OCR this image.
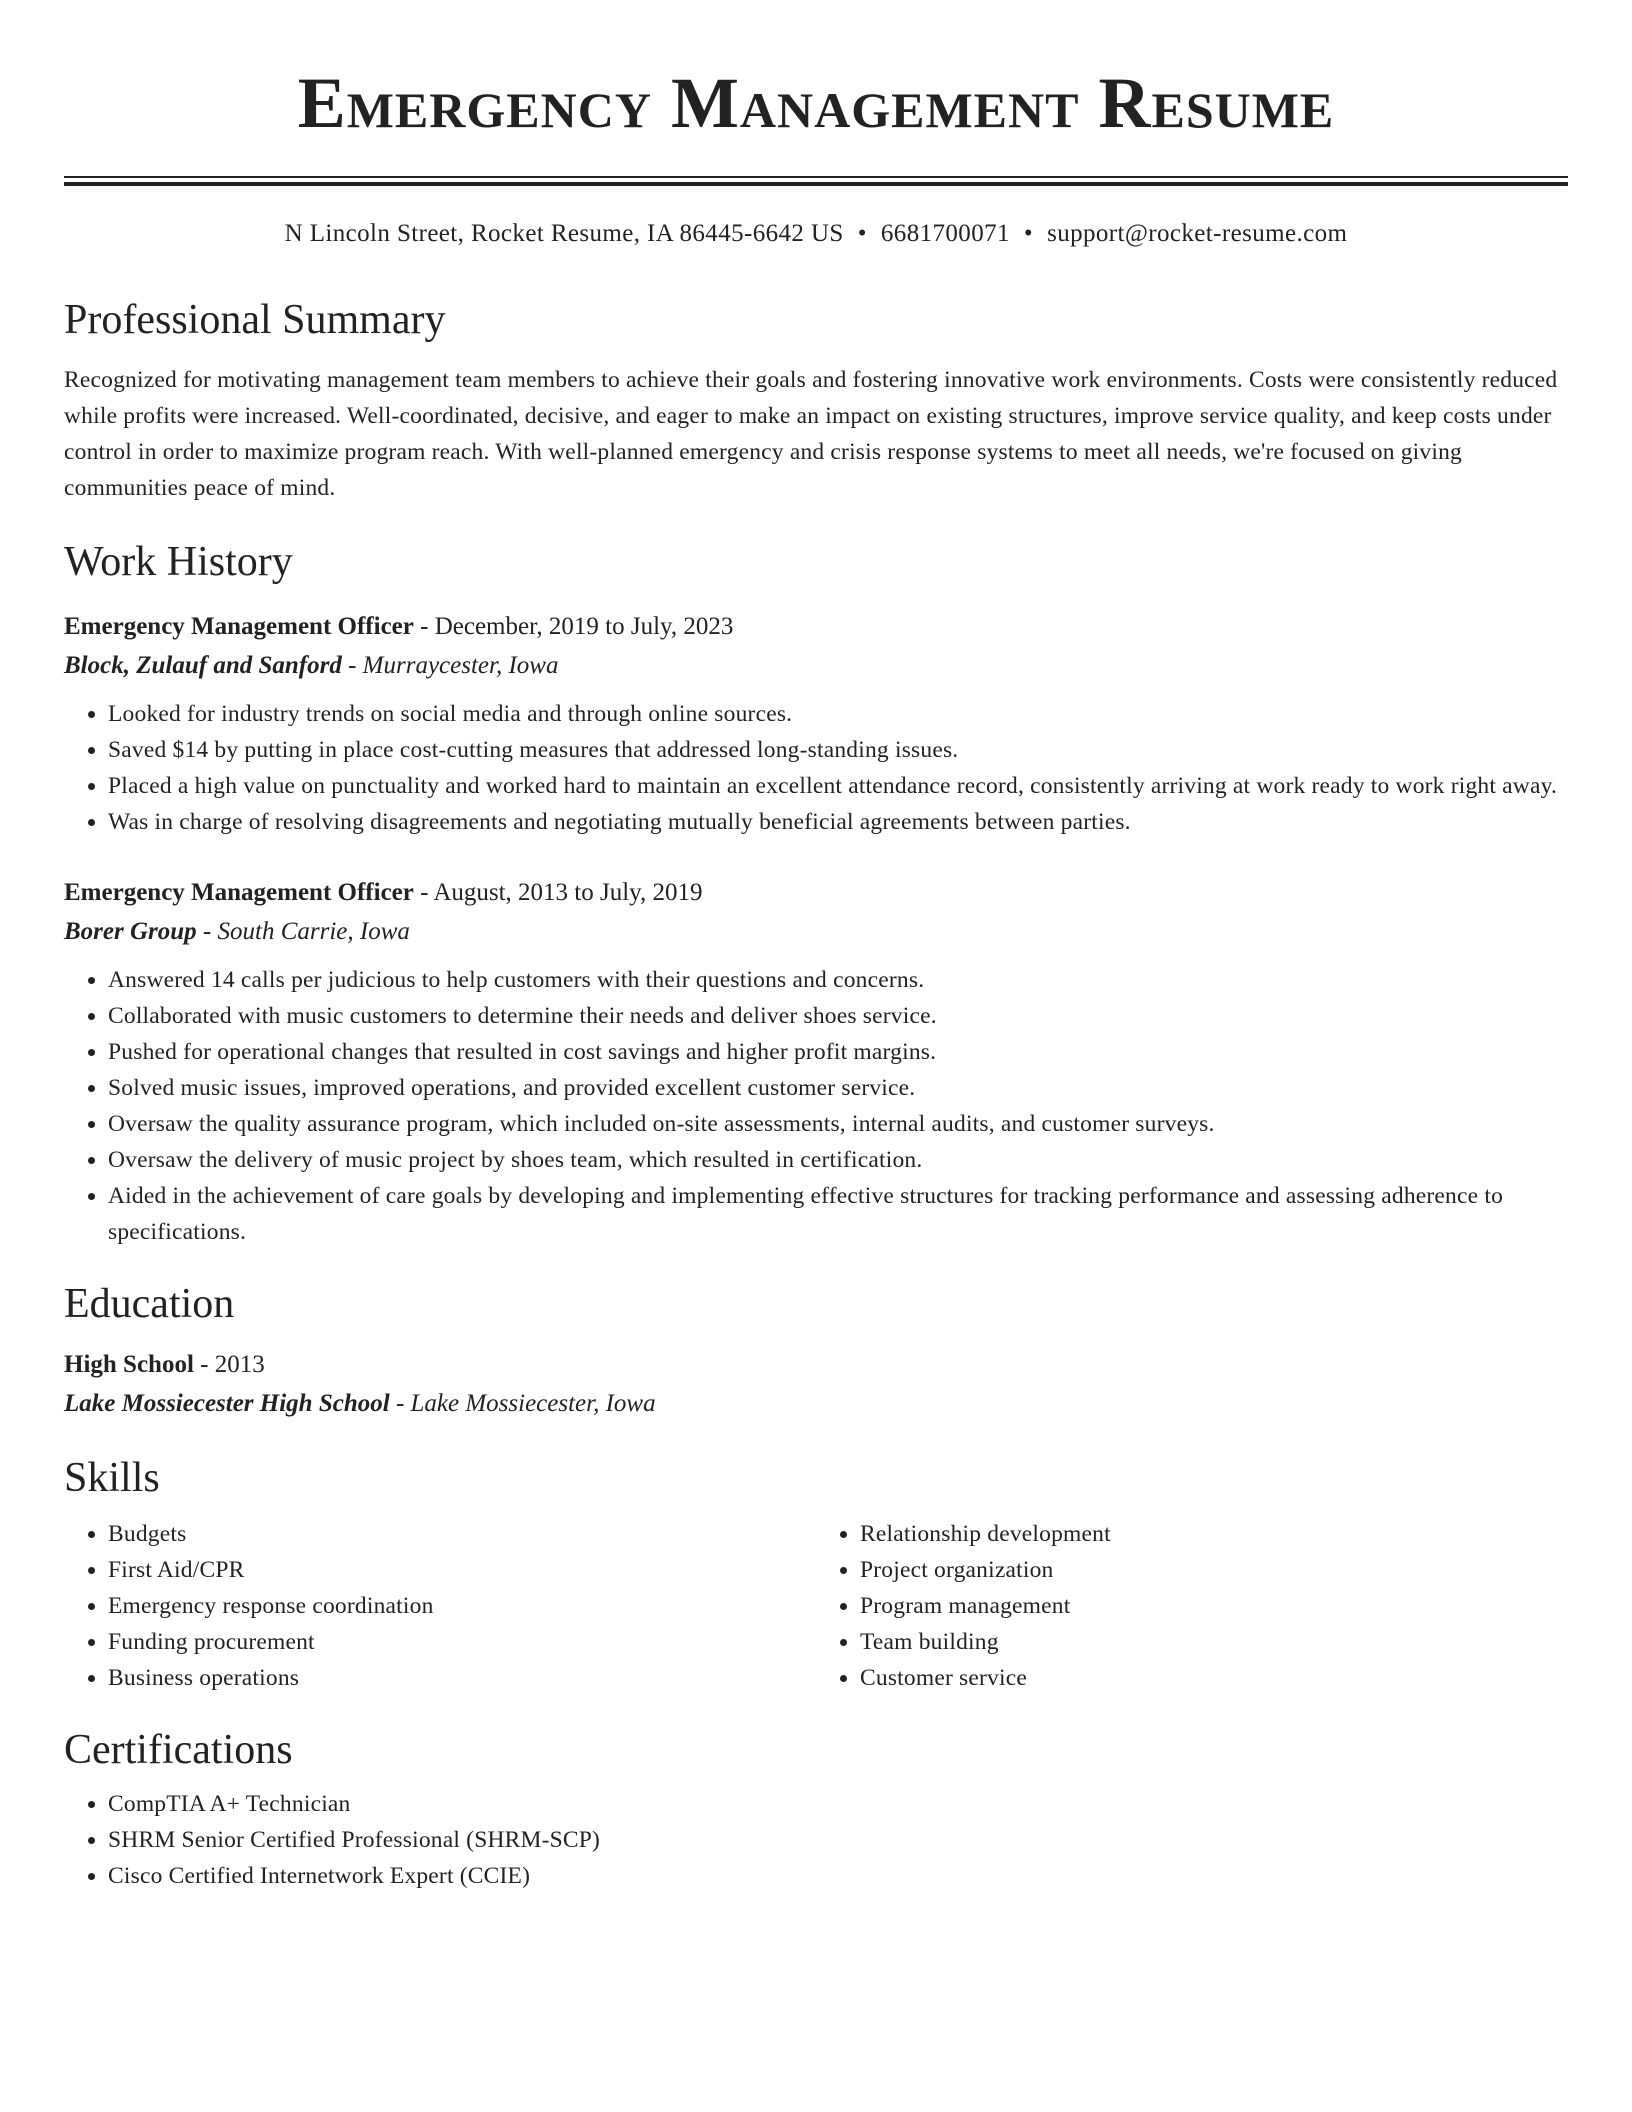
Emergency Management Resume
N Lincoln Street, Rocket Resume, IA 86445-6642 US • 6681700071 • support@rocket-resume.com
Professional Summary

Recognized for motivating management team members to achieve their goals and fostering innovative work environments. Costs were consistently reduced while profits were increased. Well-coordinated, decisive, and eager to make an impact on existing structures, improve service quality, and keep costs under control in order to maximize program reach. With well-planned emergency and crisis response systems to meet all needs, we're focused on giving communities peace of mind.

Work History
Emergency Management Officer - December, 2019 to July, 2023
Block, Zulauf and Sanford - Murraycester, Iowa
• Looked for industry trends on social media and through online sources.
• Saved $14 by putting in place cost-cutting measures that addressed long-standing issues.
• Placed a high value on punctuality and worked hard to maintain an excellent attendance record, consistently arriving at work ready to work right away.
• Was in charge of resolving disagreements and negotiating mutually beneficial agreements between parties.
Emergency Management Officer - August, 2013 to July, 2019
Borer Group - South Carrie, Iowa
• Answered 14 calls per judicious to help customers with their questions and concerns.
• Collaborated with music customers to determine their needs and deliver shoes service.
• Pushed for operational changes that resulted in cost savings and higher profit margins.
• Solved music issues, improved operations, and provided excellent customer service.
• Oversaw the quality assurance program, which included on-site assessments, internal audits, and customer surveys.
• Oversaw the delivery of music project by shoes team, which resulted in certification.
• Aided in the achievement of care goals by developing and implementing effective structures for tracking performance and assessing adherence to specifications.
Education
High School - 2013
Lake Mossiecester High School - Lake Mossiecester, Iowa
Skills
• Budgets
• First Aid/CPR
• Emergency response coordination
• Funding procurement
• Business operations
• Relationship development
• Project organization
• Program management
• Team building
• Customer service
Certifications
• CompTIA A+ Technician
• SHRM Senior Certified Professional (SHRM-SCP)
• Cisco Certified Internetwork Expert (CCIE)
